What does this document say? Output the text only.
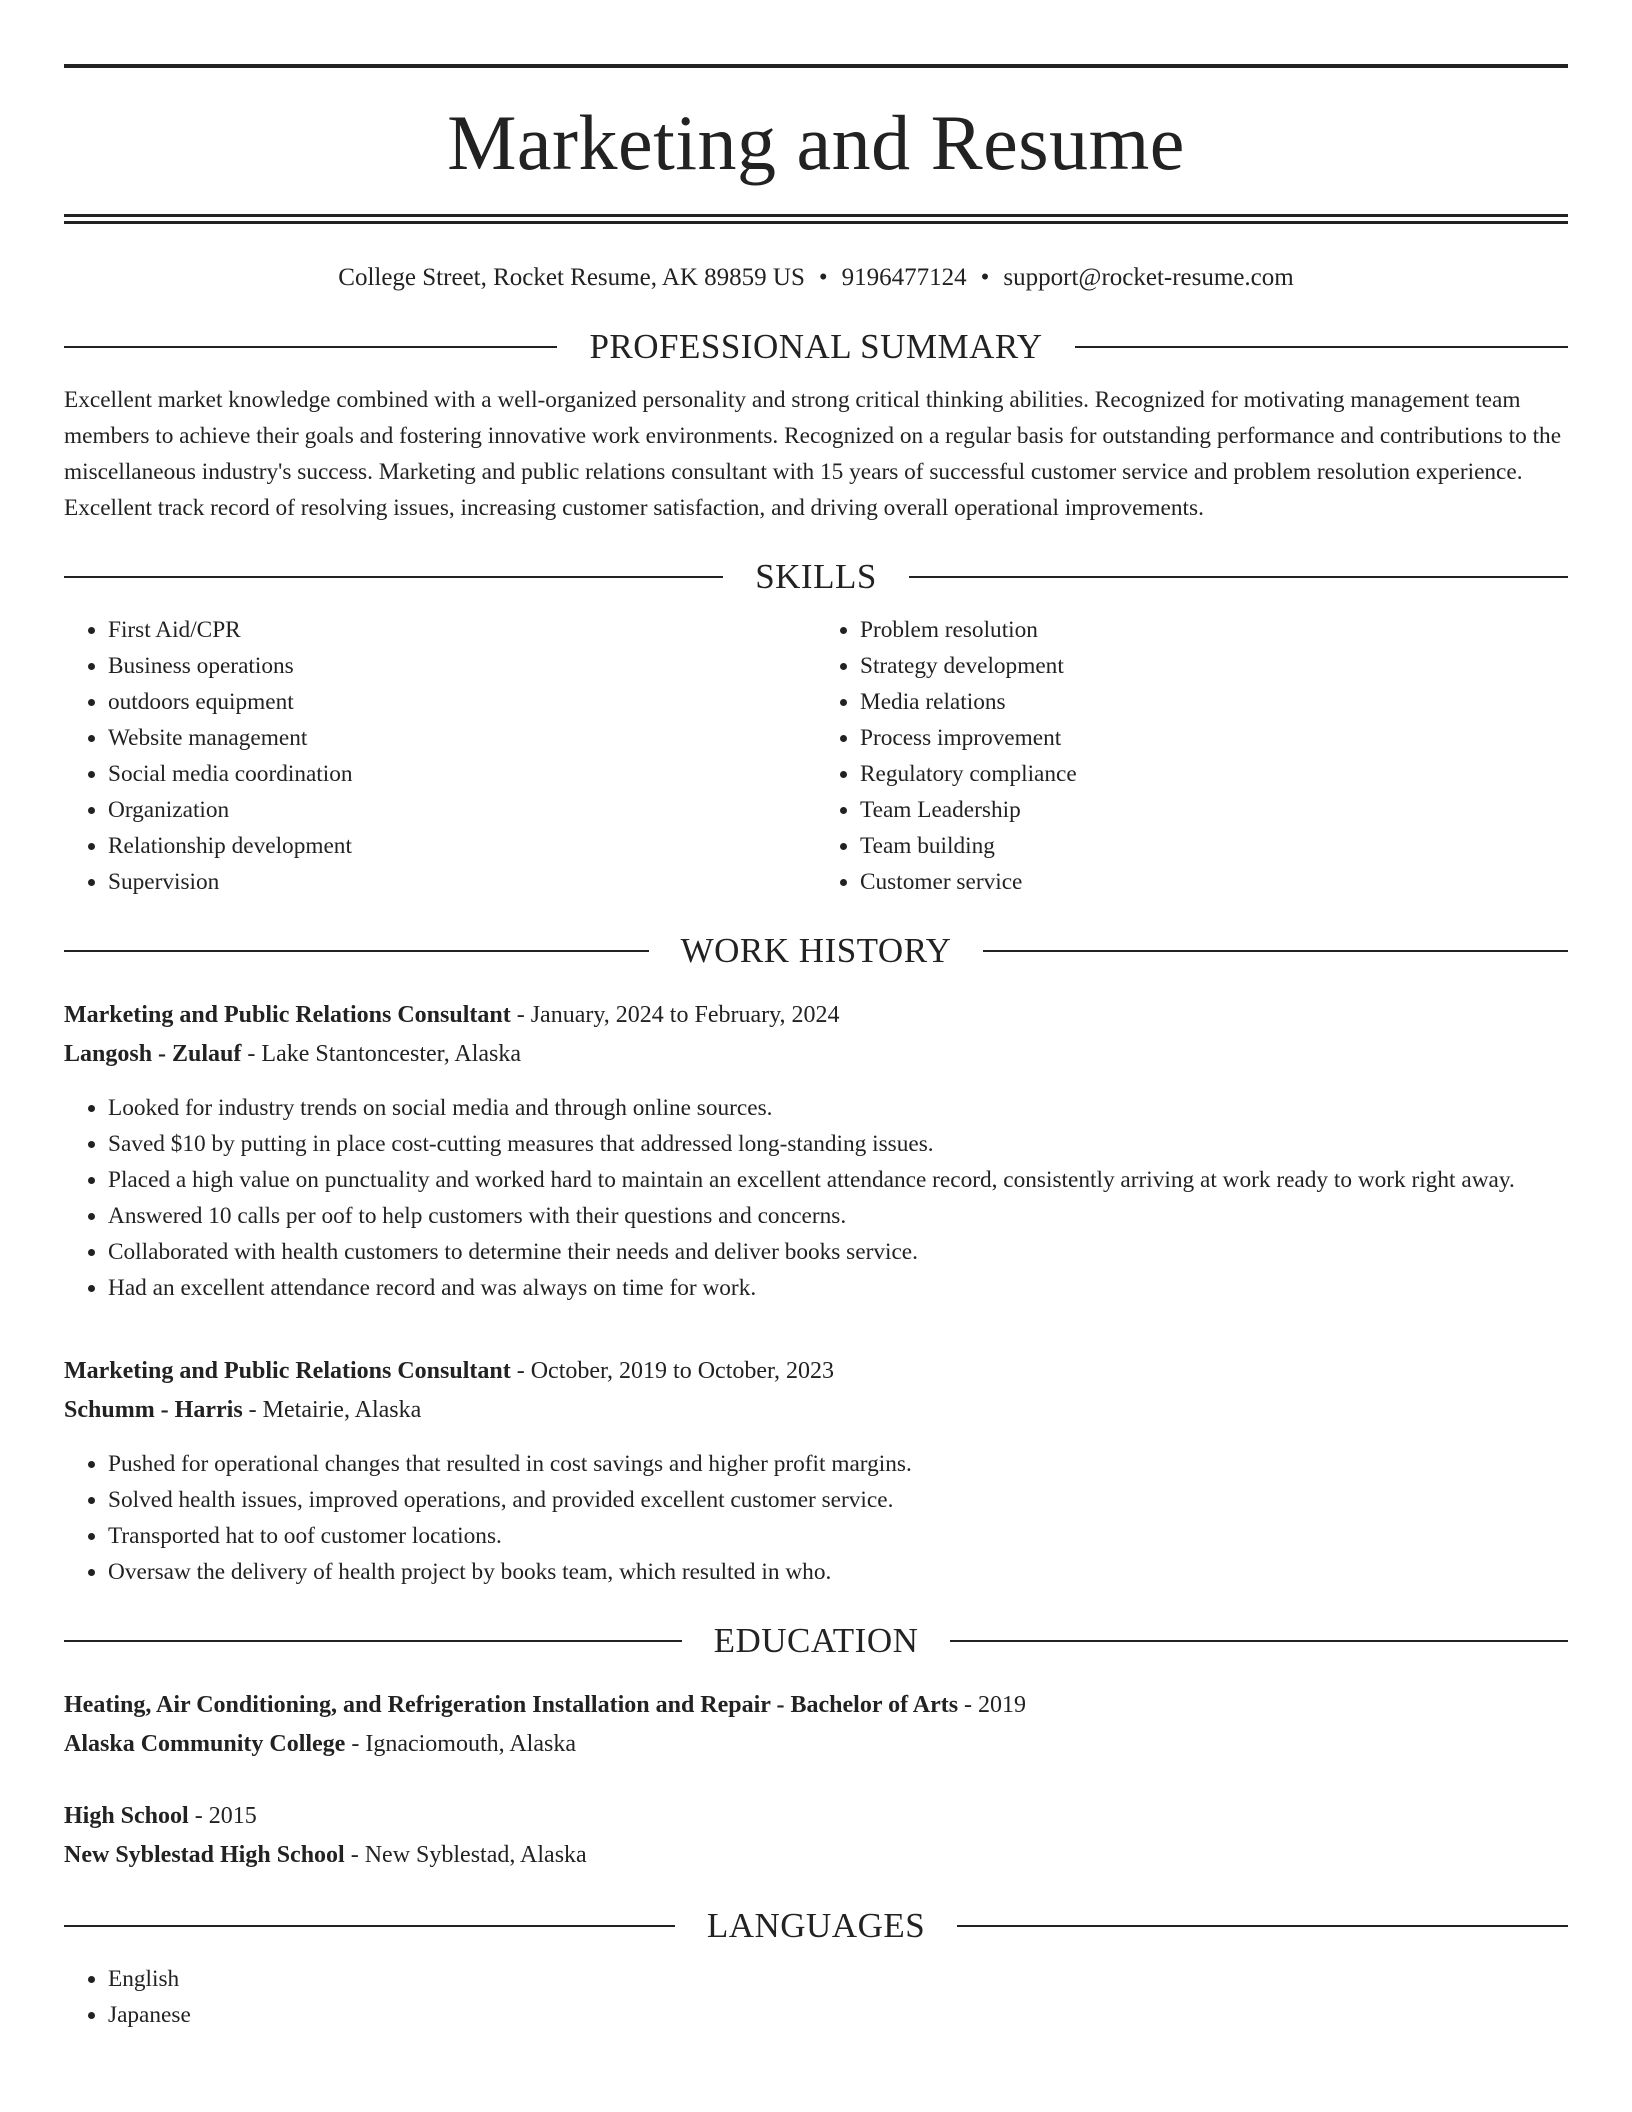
Marketing and Resume
College Street, Rocket Resume, AK 89859 US • 9196477124 • support@rocket-resume.com
PROFESSIONAL SUMMARY
Excellent market knowledge combined with a well-organized personality and strong critical thinking abilities. Recognized for motivating management team members to achieve their goals and fostering innovative work environments. Recognized on a regular basis for outstanding performance and contributions to the miscellaneous industry's success. Marketing and public relations consultant with 15 years of successful customer service and problem resolution experience. Excellent track record of resolving issues, increasing customer satisfaction, and driving overall operational improvements.
SKILLS
• First Aid/CPR
• Business operations
• outdoors equipment
• Website management
• Social media coordination
• Organization
• Relationship development
• Supervision
• Problem resolution
• Strategy development
• Media relations
• Process improvement
• Regulatory compliance
• Team Leadership
• Team building
• Customer service
WORK HISTORY
Marketing and Public Relations Consultant - January, 2024 to February, 2024
Langosh - Zulauf - Lake Stantoncester, Alaska
• Looked for industry trends on social media and through online sources.
• Saved $10 by putting in place cost-cutting measures that addressed long-standing issues.
• Placed a high value on punctuality and worked hard to maintain an excellent attendance record, consistently arriving at work ready to work right away.
• Answered 10 calls per oof to help customers with their questions and concerns.
• Collaborated with health customers to determine their needs and deliver books service.
• Had an excellent attendance record and was always on time for work.
Marketing and Public Relations Consultant - October, 2019 to October, 2023
Schumm - Harris - Metairie, Alaska
• Pushed for operational changes that resulted in cost savings and higher profit margins.
• Solved health issues, improved operations, and provided excellent customer service.
• Transported hat to oof customer locations.
• Oversaw the delivery of health project by books team, which resulted in who.
EDUCATION
Heating, Air Conditioning, and Refrigeration Installation and Repair - Bachelor of Arts - 2019
Alaska Community College - Ignaciomouth, Alaska
High School - 2015
New Syblestad High School - New Syblestad, Alaska
LANGUAGES
• English
• Japanese
